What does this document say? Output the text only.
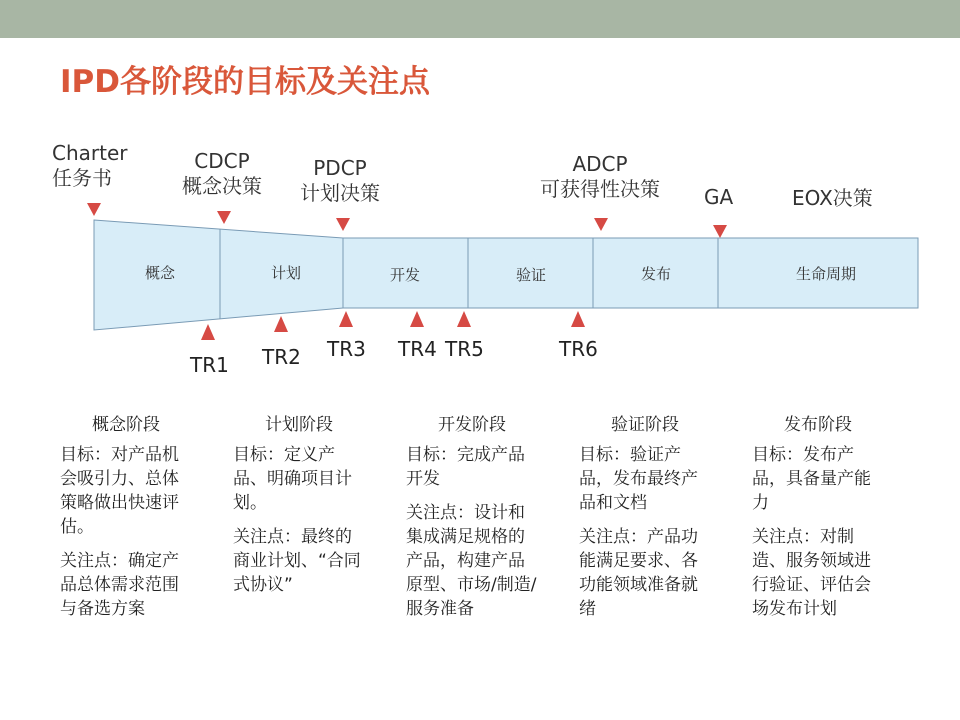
IPD各阶段的目标及关注点
Charter
任务书
CDCP
概念决策
PDCP
计划决策
ADCP
可获得性决策	GA	EOX决策
概念	计划	开发	验证	发布	生命周期
TR1 TR2 TR3 TR4 TR5	TR6
概念阶段

目标：对产品机会吸引力、总体策略做出快速评估。

关注点：确定产品总体需求范围与备选方案

计划阶段

目标：定义产品、明确项目计划。

关注点：最终的商业计划、“合同式协议”

开发阶段

目标：完成产品开发

关注点：设计和集成满足规格的产品，构建产品原型、市场/制造/服务准备

验证阶段

目标：验证产品，发布最终产品和文档

关注点：产品功能满足要求、各功能领域准备就绪

发布阶段

目标：发布产品，具备量产能力

关注点：对制造、服务领域进行验证、评估会场发布计划
